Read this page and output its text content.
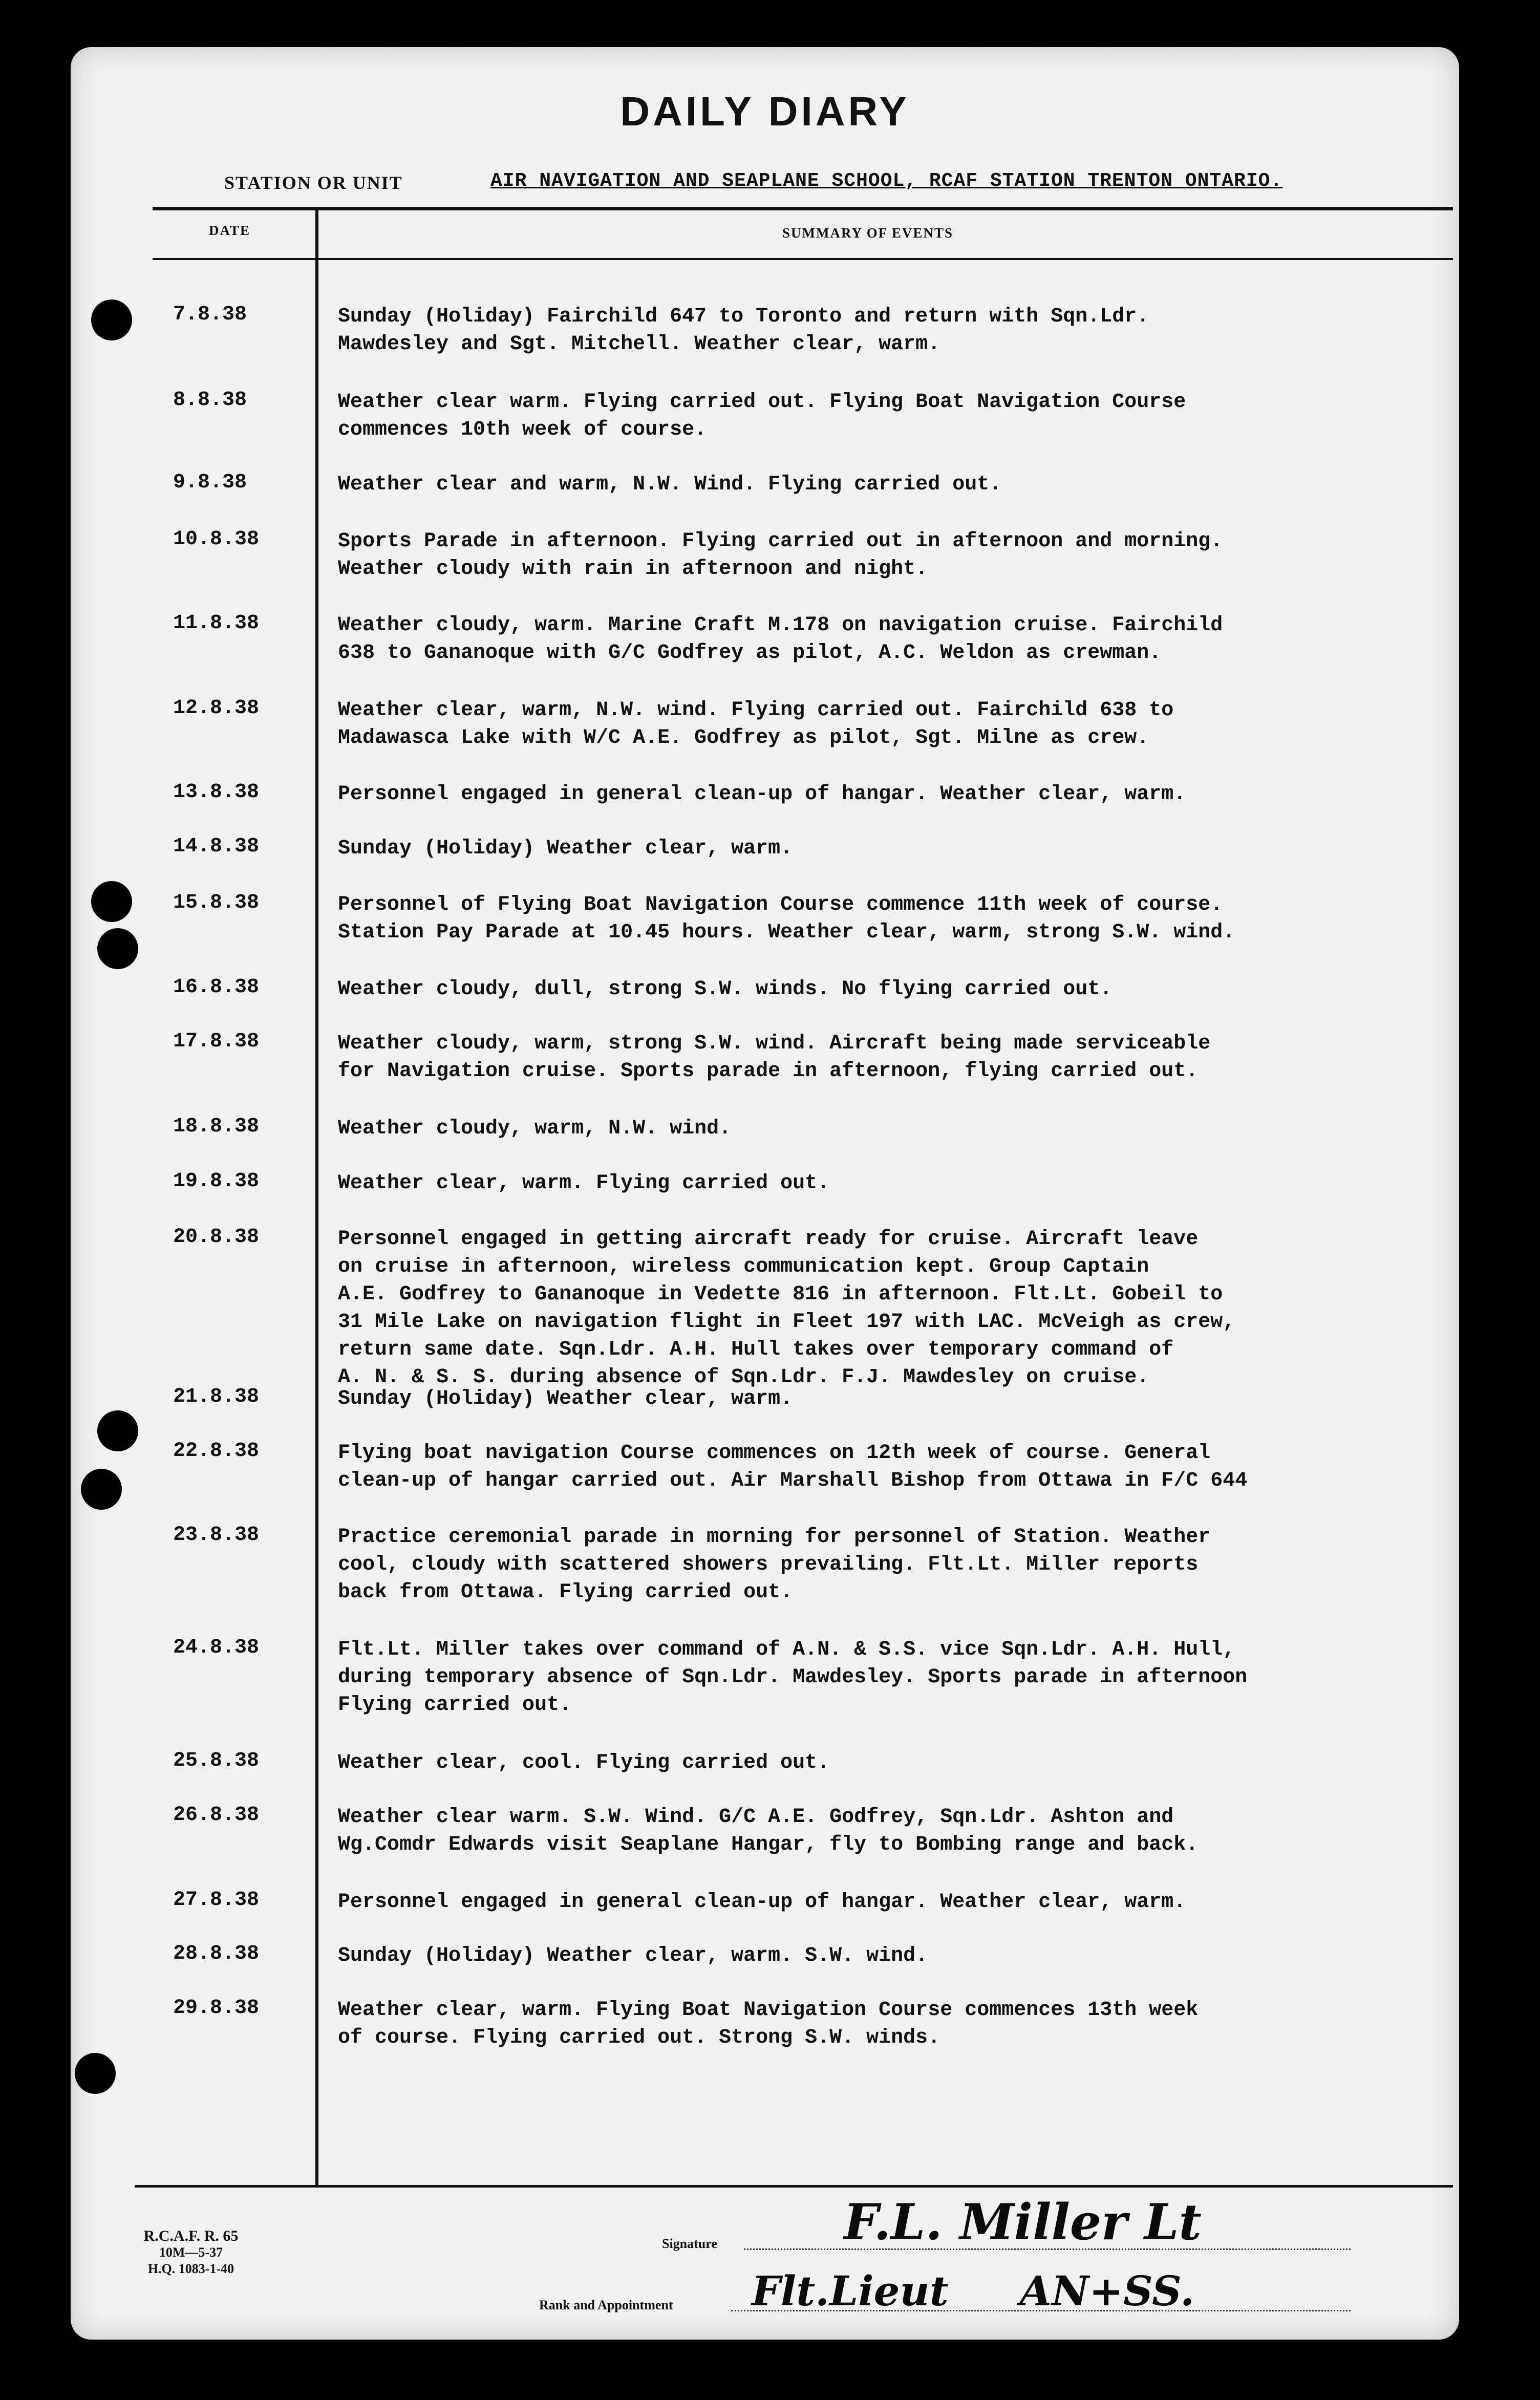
DAILY DIARY
STATION OR UNIT	AIR NAVIGATION AND SEAPLANE SCHOOL, RCAF STATION TRENTON ONTARIO.
DATE	SUMMARY OF EVENTS
7.8.38	Sunday (Holiday) Fairchild 647 to Toronto and return with Sqn.Ldr.
Mawdesley and Sgt. Mitchell. Weather clear, warm.
8.8.38	Weather clear warm. Flying carried out. Flying Boat Navigation Course
commences 10th week of course.
9.8.38	Weather clear and warm, N.W. Wind. Flying carried out.
10.8.38	Sports Parade in afternoon. Flying carried out in afternoon and morning.
Weather cloudy with rain in afternoon and night.
11.8.38	Weather cloudy, warm. Marine Craft M.178 on navigation cruise. Fairchild
638 to Gananoque with G/C Godfrey as pilot, A.C. Weldon as crewman.
12.8.38	Weather clear, warm, N.W. wind. Flying carried out. Fairchild 638 to
Madawasca Lake with W/C A.E. Godfrey as pilot, Sgt. Milne as crew.
13.8.38	Personnel engaged in general clean-up of hangar. Weather clear, warm.
14.8.38	Sunday (Holiday) Weather clear, warm.
15.8.38	Personnel of Flying Boat Navigation Course commence 11th week of course.
Station Pay Parade at 10.45 hours. Weather clear, warm, strong S.W. wind.
16.8.38	Weather cloudy, dull, strong S.W. winds. No flying carried out.
17.8.38	Weather cloudy, warm, strong S.W. wind. Aircraft being made serviceable
for Navigation cruise. Sports parade in afternoon, flying carried out.
18.8.38	Weather cloudy, warm, N.W. wind.
19.8.38	Weather clear, warm. Flying carried out.
20.8.38	Personnel engaged in getting aircraft ready for cruise. Aircraft leave
on cruise in afternoon, wireless communication kept. Group Captain
A.E. Godfrey to Gananoque in Vedette 816 in afternoon. Flt.Lt. Gobeil to
31 Mile Lake on navigation flight in Fleet 197 with LAC. McVeigh as crew,
return same date. Sqn.Ldr. A.H. Hull takes over temporary command of
A. N. & S. S. during absence of Sqn.Ldr. F.J. Mawdesley on cruise.
21.8.38	Sunday (Holiday) Weather clear, warm.
22.8.38	Flying boat navigation Course commences on 12th week of course. General
clean-up of hangar carried out. Air Marshall Bishop from Ottawa in F/C 644
23.8.38	Practice ceremonial parade in morning for personnel of Station. Weather
cool, cloudy with scattered showers prevailing. Flt.Lt. Miller reports
back from Ottawa. Flying carried out.
24.8.38	Flt.Lt. Miller takes over command of A.N. & S.S. vice Sqn.Ldr. A.H. Hull,
during temporary absence of Sqn.Ldr. Mawdesley. Sports parade in afternoon
Flying carried out.
25.8.38	Weather clear, cool. Flying carried out.
26.8.38	Weather clear warm. S.W. Wind. G/C A.E. Godfrey, Sqn.Ldr. Ashton and
Wg.Comdr Edwards visit Seaplane Hangar, fly to Bombing range and back.
27.8.38	Personnel engaged in general clean-up of hangar. Weather clear, warm.
28.8.38	Sunday (Holiday) Weather clear, warm. S.W. wind.
29.8.38	Weather clear, warm. Flying Boat Navigation Course commences 13th week
of course. Flying carried out. Strong S.W. winds.
R.C.A.F. R. 65
10M—5-37
H.Q. 1083-1-40
Signature	F.L. Miller Lt
Rank and Appointment Flt.Lieut     AN+SS.
